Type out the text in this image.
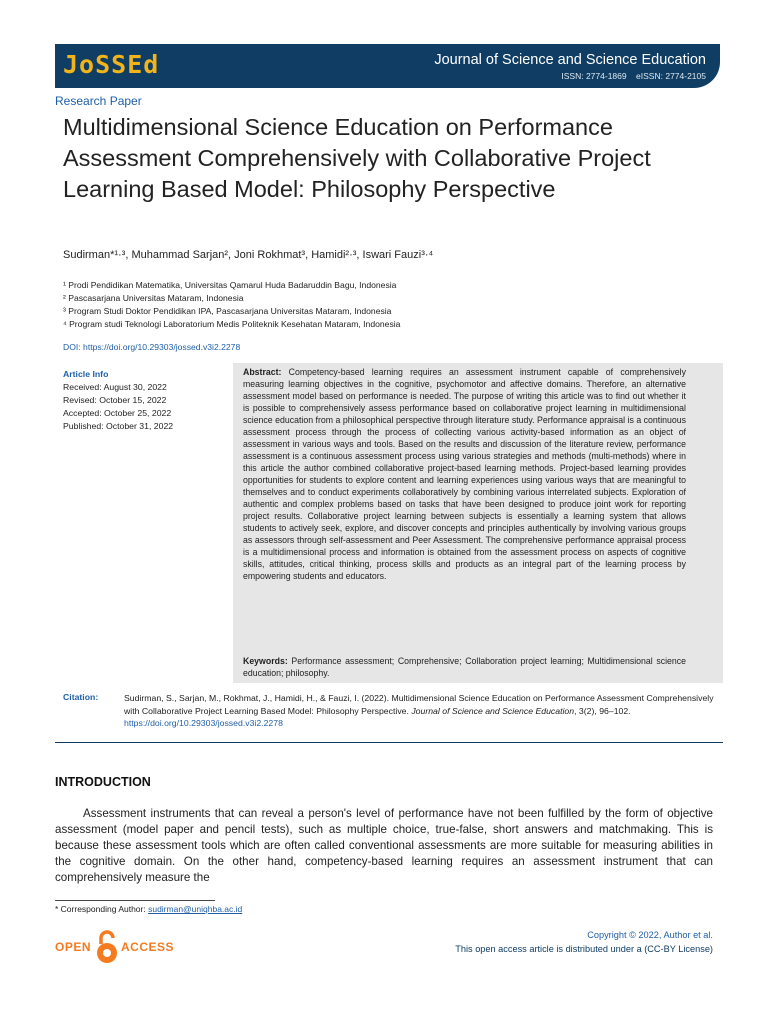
JoSSEd	Journal of Science and Science Education
ISSN: 2774-1869    eISSN: 2774-2105
Research Paper
Multidimensional Science Education on Performance Assessment Comprehensively with Collaborative Project Learning Based Model: Philosophy Perspective
Sudirman*¹·³, Muhammad Sarjan², Joni Rokhmat³, Hamidi²·³, Iswari Fauzi³·⁴
¹ Prodi Pendidikan Matematika, Universitas Qamarul Huda Badaruddin Bagu, Indonesia
² Pascasarjana Universitas Mataram, Indonesia
³ Program Studi Doktor Pendidikan IPA, Pascasarjana Universitas Mataram, Indonesia
⁴ Program studi Teknologi Laboratorium Medis Politeknik Kesehatan Mataram, Indonesia
DOI: https://doi.org/10.29303/jossed.v3i2.2278
Article Info
Received: August 30, 2022
Revised: October 15, 2022
Accepted: October 25, 2022
Published: October 31, 2022
Abstract: Competency-based learning requires an assessment instrument capable of comprehensively measuring learning objectives in the cognitive, psychomotor and affective domains. Therefore, an alternative assessment model based on performance is needed. The purpose of writing this article was to find out whether it is possible to comprehensively assess performance based on collaborative project learning in multidimensional science education from a philosophical perspective through literature study. Performance appraisal is a continuous assessment process through the process of collecting various activity-based information as an object of assessment in various ways and tools. Based on the results and discussion of the literature review, performance assessment is a continuous assessment process using various strategies and methods (multi-methods) where in this article the author combined collaborative project-based learning methods. Project-based learning provides opportunities for students to explore content and learning experiences using various ways that are meaningful to themselves and to conduct experiments collaboratively by combining various interrelated subjects. Exploration of authentic and complex problems based on tasks that have been designed to produce joint work for reporting project results. Collaborative project learning between subjects is essentially a learning system that allows students to actively seek, explore, and discover concepts and principles authentically by involving various groups as assessors through self-assessment and Peer Assessment. The comprehensive performance appraisal process is a multidimensional process and information is obtained from the assessment process on aspects of cognitive skills, attitudes, critical thinking, process skills and products as an integral part of the learning process by empowering students and educators.
Keywords: Performance assessment; Comprehensive; Collaboration project learning; Multidimensional science education; philosophy.
Citation:	Sudirman, S., Sarjan, M., Rokhmat, J., Hamidi, H., & Fauzi, I. (2022). Multidimensional Science Education on Performance Assessment Comprehensively with Collaborative Project Learning Based Model: Philosophy Perspective. Journal of Science and Science Education, 3(2), 96–102. https://doi.org/10.29303/jossed.v3i2.2278
INTRODUCTION
Assessment instruments that can reveal a person's level of performance have not been fulfilled by the form of objective assessment (model paper and pencil tests), such as multiple choice, true-false, short answers and matchmaking. This is because these assessment tools which are often called conventional assessments are more suitable for measuring abilities in the cognitive domain. On the other hand, competency-based learning requires an assessment instrument that can comprehensively measure the
* Corresponding Author: sudirman@uniqhba.ac.id
OPEN ACCESS
Copyright © 2022, Author et al.
This open access article is distributed under a (CC-BY License)
